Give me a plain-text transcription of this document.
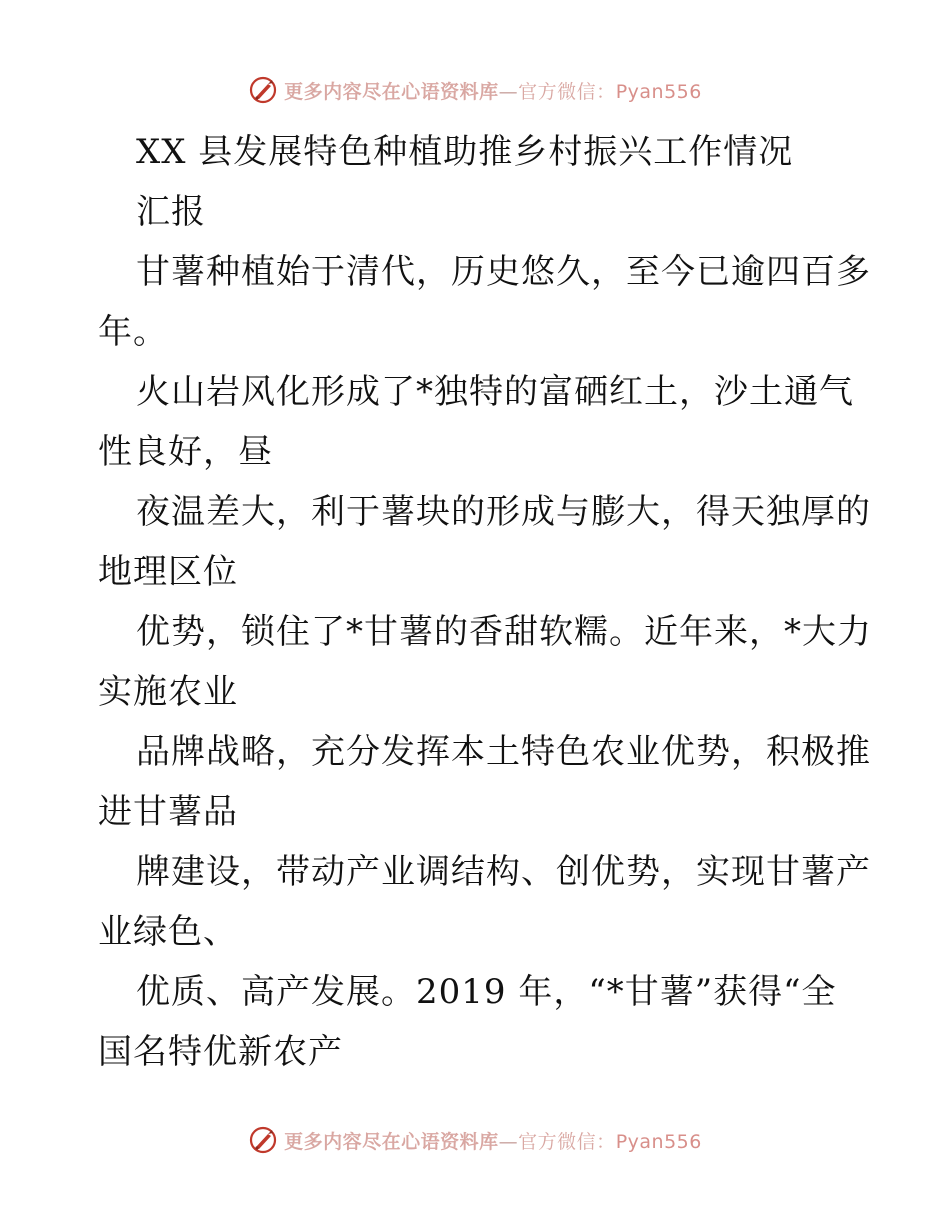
更多内容尽在心语资料库—官方微信：Pyan556
XX 县发展特色种植助推乡村振兴工作情况
汇报
甘薯种植始于清代，历史悠久，至今已逾四百多
年。
火山岩风化形成了*独特的富硒红土，沙土通气
性良好，昼
夜温差大，利于薯块的形成与膨大，得天独厚的
地理区位
优势，锁住了*甘薯的香甜软糯。近年来，*大力
实施农业
品牌战略，充分发挥本土特色农业优势，积极推
进甘薯品
牌建设，带动产业调结构、创优势，实现甘薯产
业绿色、
优质、高产发展。2019 年，“*甘薯”获得“全
国名特优新农产
更多内容尽在心语资料库—官方微信：Pyan556
